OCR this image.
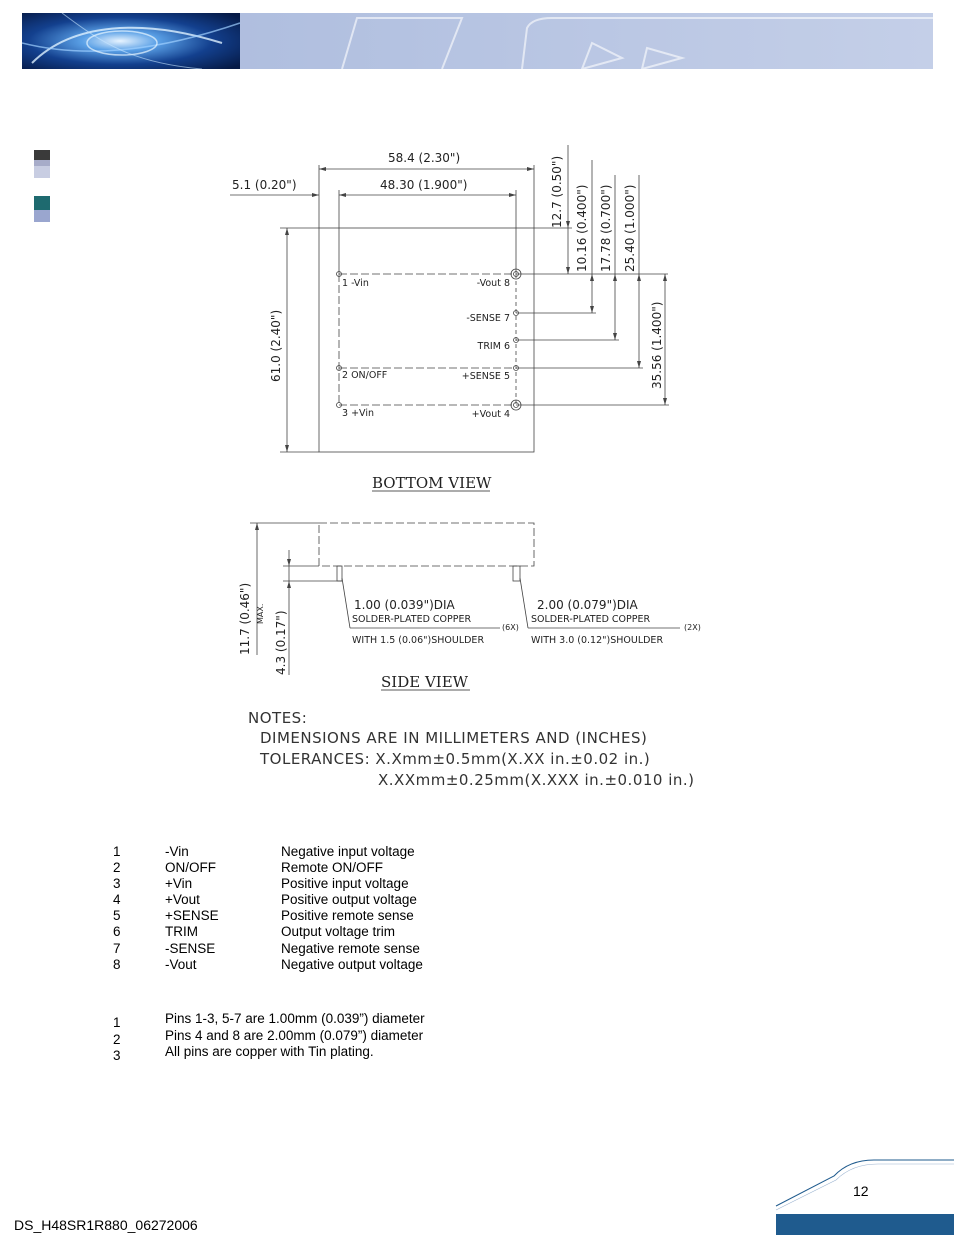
58.4 (2.30")
48.30 (1.900")
5.1 (0.20")	12.7 (0.50") 10.16 (0.400") 17.78 (0.700") 25.40 (1.000")
35.56 (1.400")
61.0 (2.40")
1 -Vin
2 ON/OFF
3 +Vin
-Vout 8
-SENSE 7
TRIM 6
+SENSE 5
+Vout 4
BOTTOM VIEW
SIDE VIEW
11.7 (0.46") MAX. 4.3 (0.17")
1.00 (0.039")DIA
SOLDER-PLATED COPPER
(6X)
WITH 1.5 (0.06")SHOULDER
2.00 (0.079")DIA
SOLDER-PLATED COPPER
(2X)
WITH 3.0 (0.12")SHOULDER
NOTES:
DIMENSIONS ARE IN MILLIMETERS AND (INCHES)
TOLERANCES: X.Xmm±0.5mm(X.XX in.±0.02 in.)
X.XXmm±0.25mm(X.XXX in.±0.010 in.)
1	-Vin	Negative input voltage
2	ON/OFF	Remote ON/OFF
3	+Vin	Positive input voltage
4	+Vout	Positive output voltage
5	+SENSE	Positive remote sense
6	TRIM	Output voltage trim
7	-SENSE	Negative remote sense
8	-Vout	Negative output voltage
1	Pins 1-3, 5-7 are 1.00mm (0.039”) diameter
2	Pins 4 and 8 are 2.00mm (0.079”) diameter
3	All pins are copper with Tin plating.
12
DS_H48SR1R880_06272006
